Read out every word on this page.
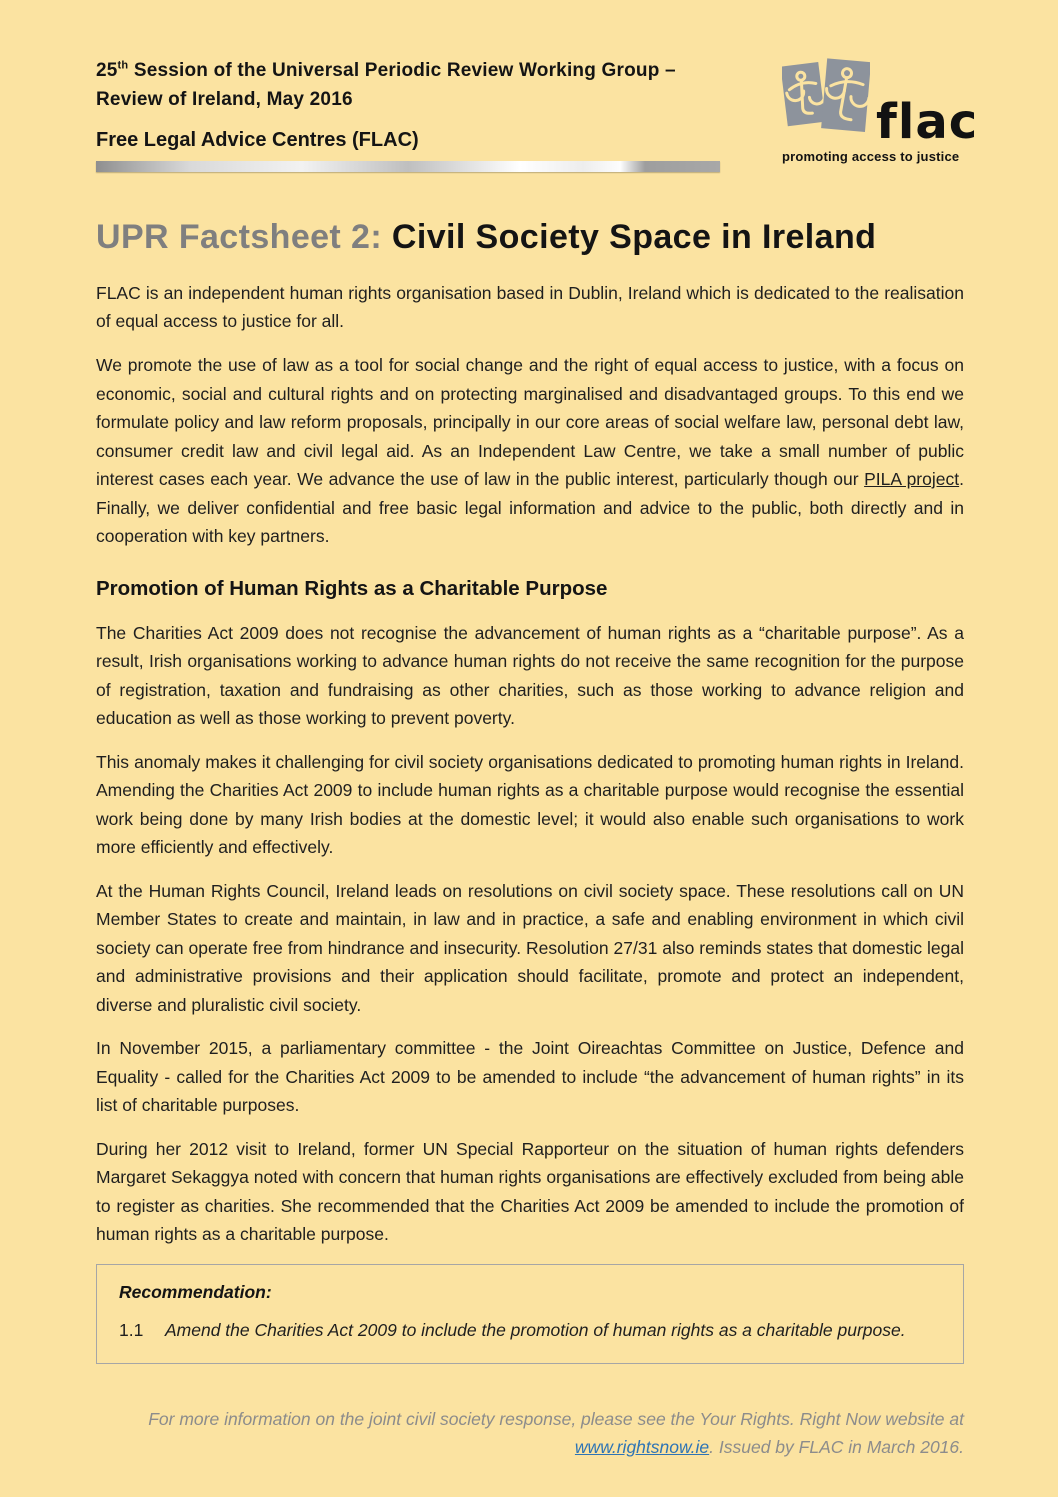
25th Session of the Universal Periodic Review Working Group –
Review of Ireland, May 2016
Free Legal Advice Centres (FLAC)	flac
promoting access to justice
UPR Factsheet 2: Civil Society Space in Ireland

FLAC is an independent human rights organisation based in Dublin, Ireland which is dedicated to the realisation of equal access to justice for all.

We promote the use of law as a tool for social change and the right of equal access to justice, with a focus on economic, social and cultural rights and on protecting marginalised and disadvantaged groups. To this end we formulate policy and law reform proposals, principally in our core areas of social welfare law, personal debt law, consumer credit law and civil legal aid. As an Independent Law Centre, we take a small number of public interest cases each year. We advance the use of law in the public interest, particularly though our PILA project. Finally, we deliver confidential and free basic legal information and advice to the public, both directly and in cooperation with key partners.

Promotion of Human Rights as a Charitable Purpose

The Charities Act 2009 does not recognise the advancement of human rights as a “charitable purpose”. As a result, Irish organisations working to advance human rights do not receive the same recognition for the purpose of registration, taxation and fundraising as other charities, such as those working to advance religion and education as well as those working to prevent poverty.

This anomaly makes it challenging for civil society organisations dedicated to promoting human rights in Ireland. Amending the Charities Act 2009 to include human rights as a charitable purpose would recognise the essential work being done by many Irish bodies at the domestic level; it would also enable such organisations to work more efficiently and effectively.

At the Human Rights Council, Ireland leads on resolutions on civil society space. These resolutions call on UN Member States to create and maintain, in law and in practice, a safe and enabling environment in which civil society can operate free from hindrance and insecurity. Resolution 27/31 also reminds states that domestic legal and administrative provisions and their application should facilitate, promote and protect an independent, diverse and pluralistic civil society.

In November 2015, a parliamentary committee - the Joint Oireachtas Committee on Justice, Defence and Equality - called for the Charities Act 2009 to be amended to include “the advancement of human rights” in its list of charitable purposes.

During her 2012 visit to Ireland, former UN Special Rapporteur on the situation of human rights defenders Margaret Sekaggya noted with concern that human rights organisations are effectively excluded from being able to register as charities. She recommended that the Charities Act 2009 be amended to include the promotion of human rights as a charitable purpose.

Recommendation:
1.1	Amend the Charities Act 2009 to include the promotion of human rights as a charitable purpose.
For more information on the joint civil society response, please see the Your Rights. Right Now website at www.rightsnow.ie. Issued by FLAC in March 2016.
